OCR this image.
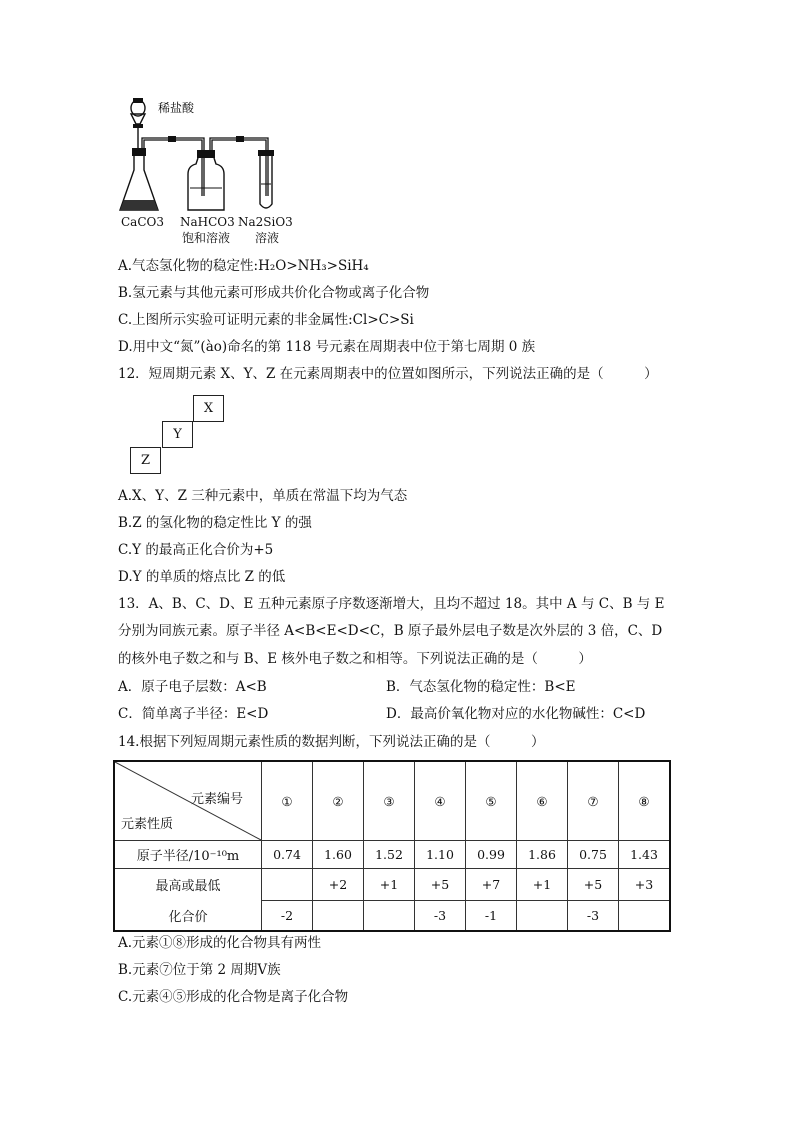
稀盐酸
CaCO3 NaHCO3
饱和溶液
Na2SiO3
溶液
A.气态氢化物的稳定性:H₂O>NH₃>SiH₄
B.氢元素与其他元素可形成共价化合物或离子化合物
C.上图所示实验可证明元素的非金属性:Cl>C>Si
D.用中文“氮”(ào)命名的第 118 号元素在周期表中位于第七周期 0 族
12．短周期元素 X、Y、Z 在元素周期表中的位置如图所示，下列说法正确的是（　　　）
X
Y
Z
A.X、Y、Z 三种元素中，单质在常温下均为气态
B.Z 的氢化物的稳定性比 Y 的强
C.Y 的最高正化合价为+5
D.Y 的单质的熔点比 Z 的低
13．A、B、C、D、E 五种元素原子序数逐渐增大，且均不超过 18。其中 A 与 C、B 与 E
分别为同族元素。原子半径 A<B<E<D<C，B 原子最外层电子数是次外层的 3 倍，C、D
的核外电子数之和与 B、E 核外电子数之和相等。下列说法正确的是（　　　）
A．原子电子层数：A<B	B．气态氢化物的稳定性：B<E
C．简单离子半径：E<D	D．最高价氧化物对应的水化物碱性：C<D
14.根据下列短周期元素性质的数据判断，下列说法正确的是（　　　）
元素编号
元素性质	①	②	③	④	⑤	⑥	⑦	⑧
原子半径/10⁻¹⁰m	0.74	1.60	1.52	1.10	0.99	1.86	0.75	1.43
最高或最低		+2	+1	+5	+7	+1	+5	+3
化合价	-2			-3	-1		-3	
A.元素①⑧形成的化合物具有两性
B.元素⑦位于第 2 周期Ⅴ族
C.元素④⑤形成的化合物是离子化合物
